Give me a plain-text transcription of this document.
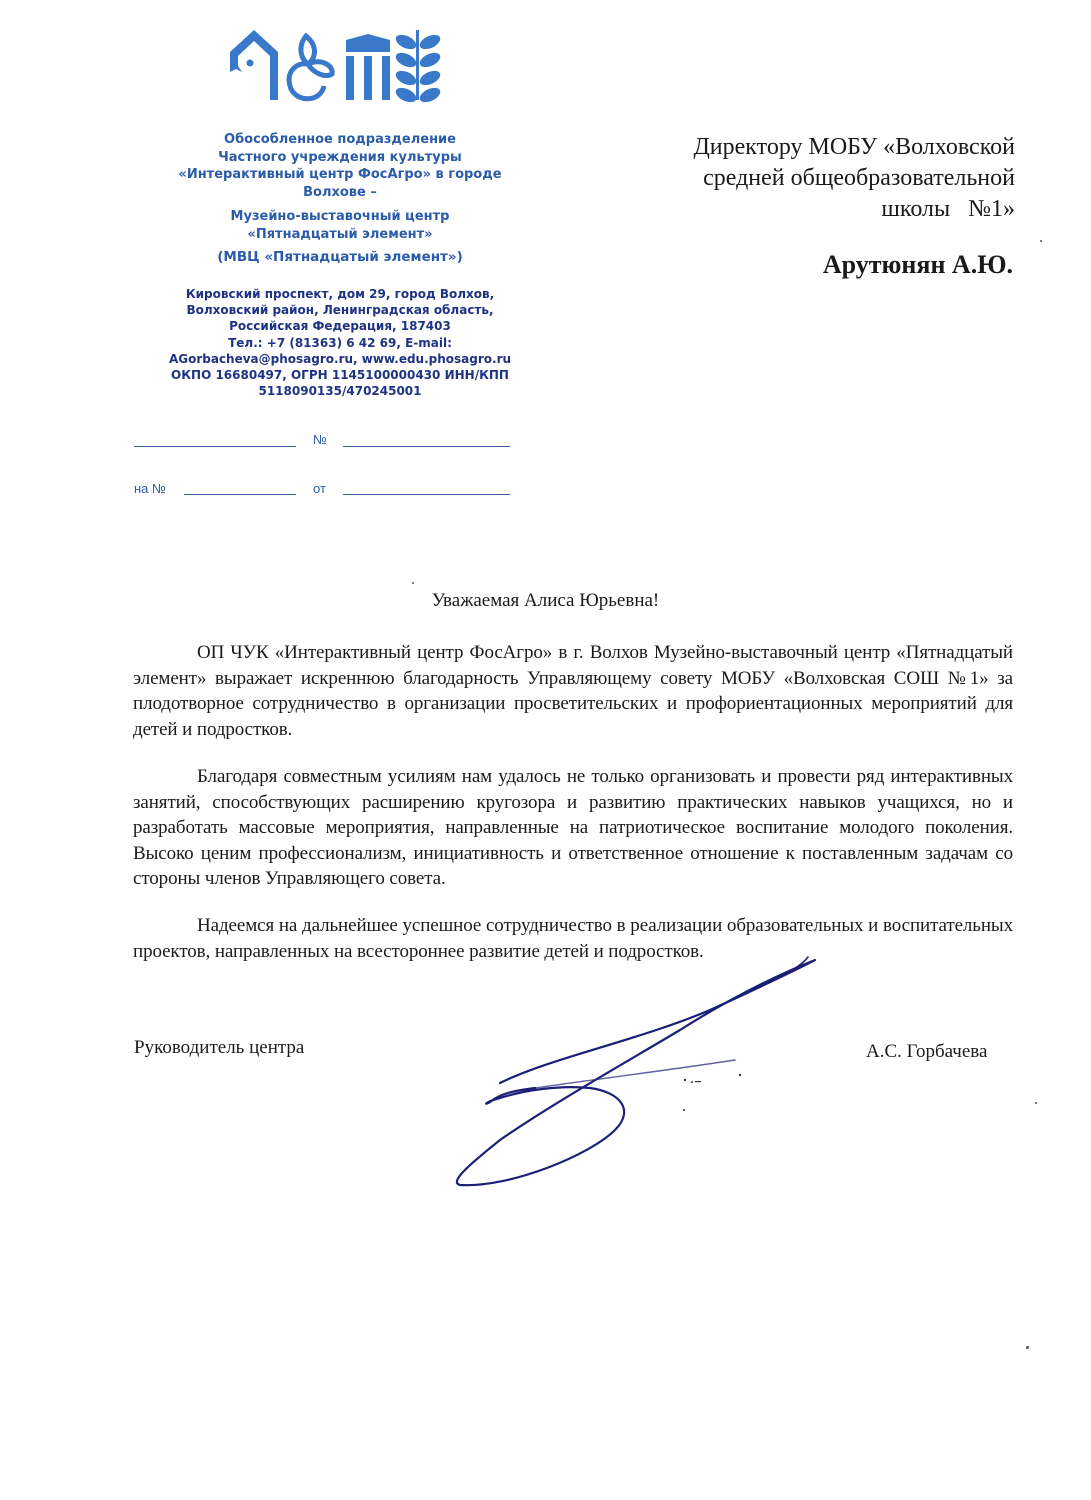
Обособленное подразделение
Частного учреждения культуры
«Интерактивный центр ФосАгро» в городе
Волхове –
Музейно-выставочный центр
«Пятнадцатый элемент»
(МВЦ «Пятнадцатый элемент»)
Кировский проспект, дом 29, город Волхов,
Волховский район, Ленинградская область,
Российская Федерация, 187403
Тел.: +7 (81363) 6 42 69, E-mail:
AGorbacheva@phosagro.ru, www.edu.phosagro.ru
ОКПО 16680497, ОГРН 1145100000430 ИНН/КПП
5118090135/470245001
№
на №	от
Директору МОБУ «Волховской
средней общеобразовательной
школы   №1»
Арутюнян А.Ю.
Уважаемая Алиса Юрьевна!
ОП ЧУК «Интерактивный центр ФосАгро» в г. Волхов Музейно-выставочный центр «Пятнадцатый элемент» выражает искреннюю благодарность Управляющему совету МОБУ «Волховская СОШ №1» за плодотворное сотрудничество в организации просветительских и профориентационных мероприятий для детей и подростков.
Благодаря совместным усилиям нам удалось не только организовать и провести ряд интерактивных занятий, способствующих расширению кругозора и развитию практических навыков учащихся, но и разработать массовые мероприятия, направленные на патриотическое воспитание молодого поколения. Высоко ценим профессионализм, инициативность и ответственное отношение к поставленным задачам со стороны членов Управляющего совета.
Надеемся на дальнейшее успешное сотрудничество в реализации образовательных и воспитательных проектов, направленных на всестороннее развитие детей и подростков.
Руководитель центра	А.С. Горбачева
